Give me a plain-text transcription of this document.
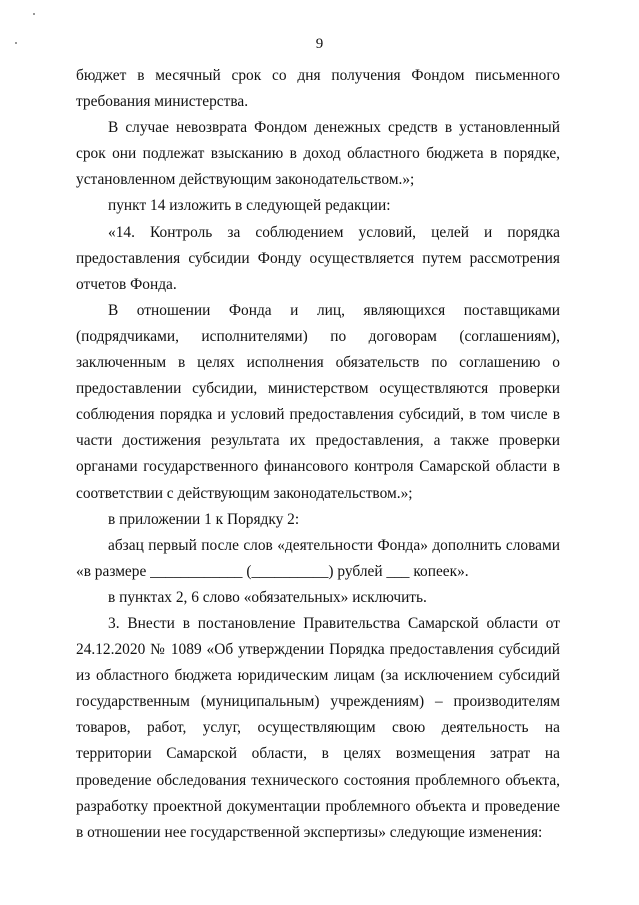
9

бюджет в месячный срок со дня получения Фондом письменного требования министерства.

В случае невозврата Фондом денежных средств в установленный срок они подлежат взысканию в доход областного бюджета в порядке, установленном действующим законодательством.»;

пункт 14 изложить в следующей редакции:

«14. Контроль за соблюдением условий, целей и порядка предоставления субсидии Фонду осуществляется путем рассмотрения отчетов Фонда.

В отношении Фонда и лиц, являющихся поставщиками (подрядчиками, исполнителями) по договорам (соглашениям), заключенным в целях исполнения обязательств по соглашению о предоставлении субсидии, министерством осуществляются проверки соблюдения порядка и условий предоставления субсидий, в том числе в части достижения результата их предоставления, а также проверки органами государственного финансового контроля Самарской области в соответствии с действующим законодательством.»;

в приложении 1 к Порядку 2:

абзац первый после слов «деятельности Фонда» дополнить словами «в размере ____________ (__________) рублей ___ копеек».

в пунктах 2, 6 слово «обязательных» исключить.

3. Внести в постановление Правительства Самарской области от 24.12.2020 № 1089 «Об утверждении Порядка предоставления субсидий из областного бюджета юридическим лицам (за исключением субсидий государственным (муниципальным) учреждениям) – производителям товаров, работ, услуг, осуществляющим свою деятельность на территории Самарской области, в целях возмещения затрат на проведение обследования технического состояния проблемного объекта, разработку проектной документации проблемного объекта и проведение в отношении нее государственной экспертизы» следующие изменения:
